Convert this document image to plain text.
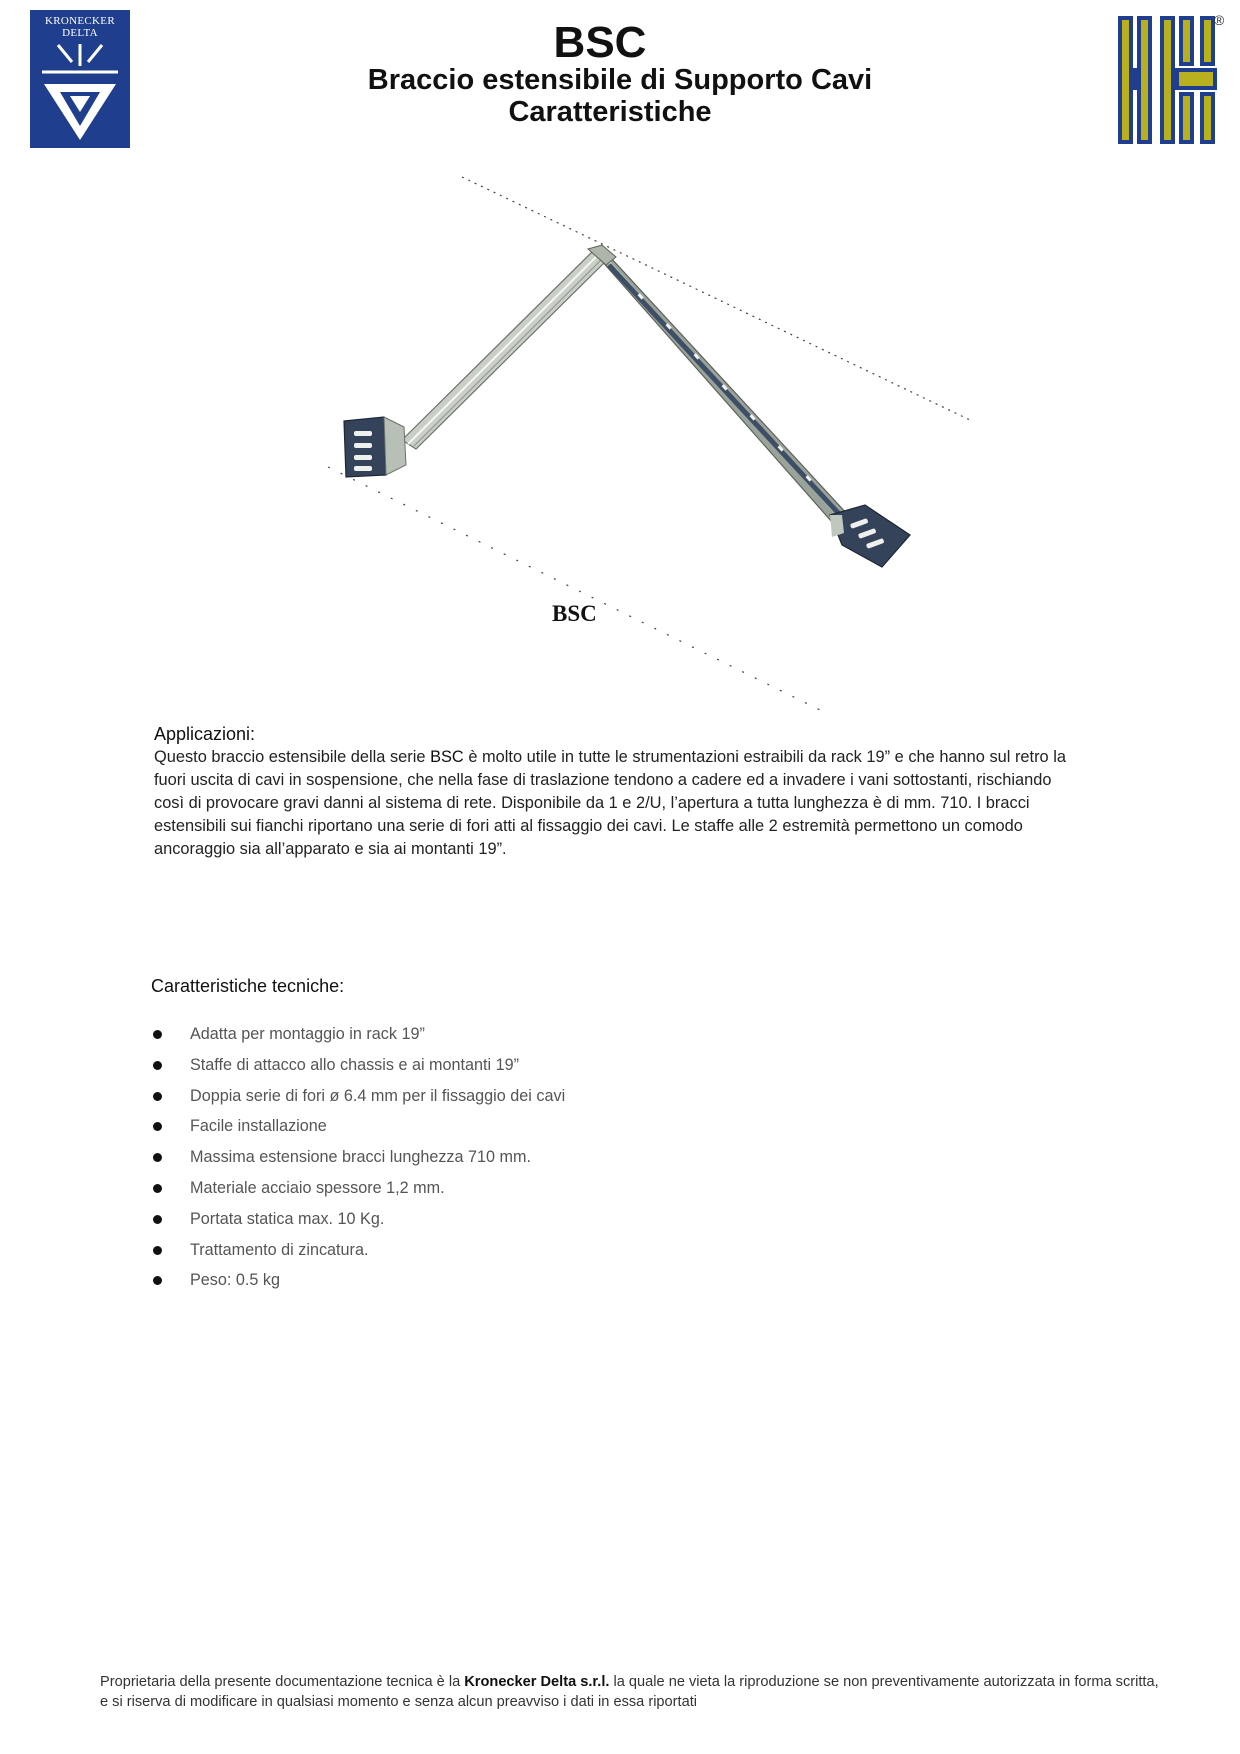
KRONECKER
DELTA	BSC
Braccio estensibile di Supporto Cavi
Caratteristiche
®
BSC
Applicazioni:
Questo braccio estensibile della serie BSC è molto utile in tutte le strumentazioni estraibili da rack 19” e che hanno sul retro la fuori uscita di cavi in sospensione, che nella fase di traslazione tendono a cadere ed a invadere i vani sottostanti, rischiando così di provocare gravi danni al sistema di rete. Disponibile da 1 e 2/U, l’apertura a tutta lunghezza è di mm. 710. I bracci estensibili sui fianchi riportano una serie di fori atti al fissaggio dei cavi. Le staffe alle 2 estremità permettono un comodo ancoraggio sia all’apparato e sia ai montanti 19”.
Caratteristiche tecniche:
Adatta per montaggio in rack 19”
Staffe di attacco allo chassis e ai montanti 19”
Doppia serie di fori ø 6.4 mm per il fissaggio dei cavi
Facile installazione
Massima estensione bracci lunghezza 710 mm.
Materiale acciaio spessore 1,2 mm.
Portata statica max. 10 Kg.
Trattamento di zincatura.
Peso: 0.5 kg
Proprietaria della presente documentazione tecnica è la Kronecker Delta s.r.l. la quale ne vieta la riproduzione se non preventivamente autorizzata in forma scritta, e si riserva di modificare in qualsiasi momento e senza alcun preavviso i dati in essa riportati
